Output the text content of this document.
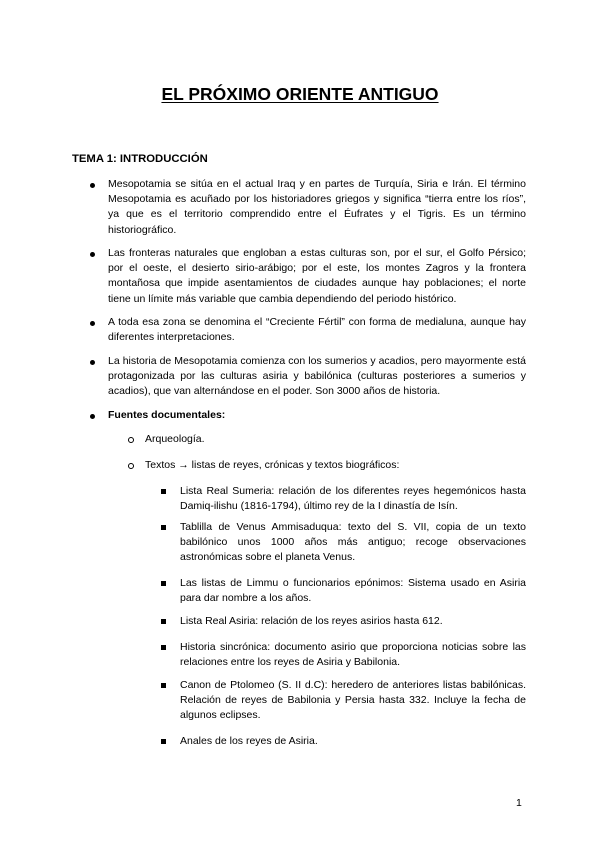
EL PRÓXIMO ORIENTE ANTIGUO
TEMA 1: INTRODUCCIÓN
Mesopotamia se sitúa en el actual Iraq y en partes de Turquía, Siria e Irán. El término Mesopotamia es acuñado por los historiadores griegos y significa “tierra entre los ríos”, ya que es el territorio comprendido entre el Éufrates y el Tigris. Es un término historiográfico.
Las fronteras naturales que engloban a estas culturas son, por el sur, el Golfo Pérsico; por el oeste, el desierto sirio-arábigo; por el este, los montes Zagros y la frontera montañosa que impide asentamientos de ciudades aunque hay poblaciones; el norte tiene un límite más variable que cambia dependiendo del periodo histórico.
A toda esa zona se denomina el “Creciente Fértil” con forma de medialuna, aunque hay diferentes interpretaciones.
La historia de Mesopotamia comienza con los sumerios y acadios, pero mayormente está protagonizada por las culturas asiria y babilónica (culturas posteriores a sumerios y acadios), que van alternándose en el poder. Son 3000 años de historia.
Fuentes documentales:
Arqueología.
Textos → listas de reyes, crónicas y textos biográficos:
Lista Real Sumeria: relación de los diferentes reyes hegemónicos hasta Damiq-ilishu (1816-1794), último rey de la I dinastía de Isín.
Tablilla de Venus Ammisaduqua: texto del S. VII, copia de un texto babilónico unos 1000 años más antiguo; recoge observaciones astronómicas sobre el planeta Venus.
Las listas de Limmu o funcionarios epónimos: Sistema usado en Asiria para dar nombre a los años.
Lista Real Asiria: relación de los reyes asirios hasta 612.
Historia sincrónica: documento asirio que proporciona noticias sobre las relaciones entre los reyes de Asiria y Babilonia.
Canon de Ptolomeo (S. II d.C): heredero de anteriores listas babilónicas. Relación de reyes de Babilonia y Persia hasta 332. Incluye la fecha de algunos eclipses.
Anales de los reyes de Asiria.
1
